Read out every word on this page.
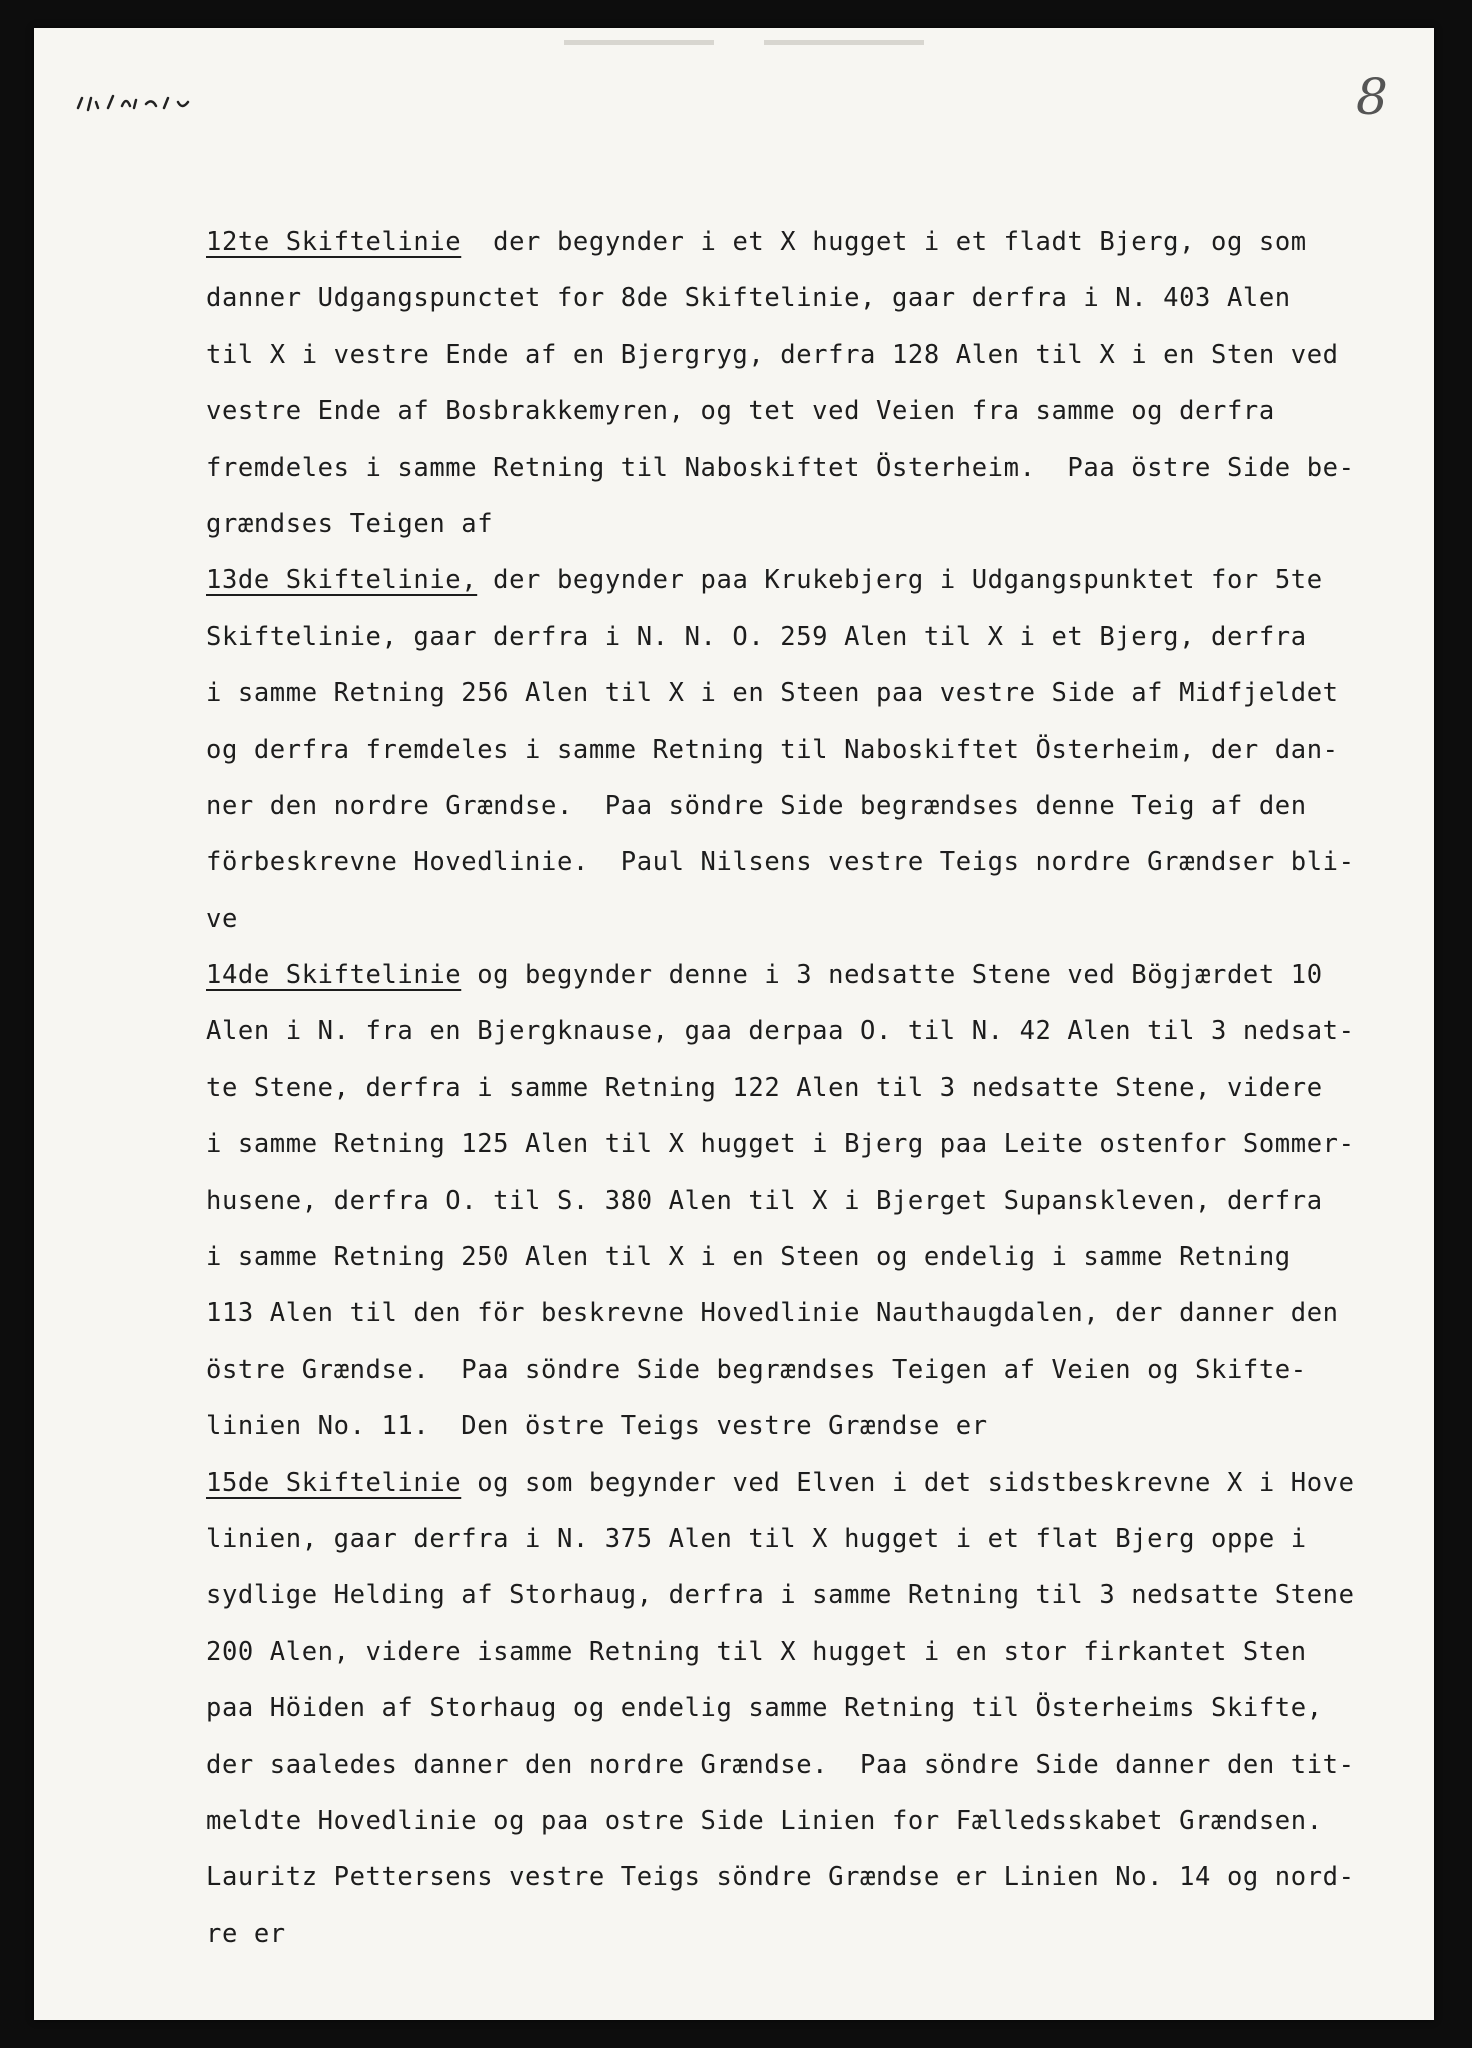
8
12te Skiftelinie  der begynder i et X hugget i et fladt Bjerg, og som
danner Udgangspunctet for 8de Skiftelinie, gaar derfra i N. 403 Alen
til X i vestre Ende af en Bjergryg, derfra 128 Alen til X i en Sten ved
vestre Ende af Bosbrakkemyren, og tet ved Veien fra samme og derfra
fremdeles i samme Retning til Naboskiftet Österheim.  Paa östre Side be-
grændses Teigen af
13de Skiftelinie, der begynder paa Krukebjerg i Udgangspunktet for 5te
Skiftelinie, gaar derfra i N. N. O. 259 Alen til X i et Bjerg, derfra
i samme Retning 256 Alen til X i en Steen paa vestre Side af Midfjeldet
og derfra fremdeles i samme Retning til Naboskiftet Österheim, der dan-
ner den nordre Grændse.  Paa söndre Side begrændses denne Teig af den
förbeskrevne Hovedlinie.  Paul Nilsens vestre Teigs nordre Grændser bli-
ve
14de Skiftelinie og begynder denne i 3 nedsatte Stene ved Bögjærdet 10
Alen i N. fra en Bjergknause, gaa derpaa O. til N. 42 Alen til 3 nedsat-
te Stene, derfra i samme Retning 122 Alen til 3 nedsatte Stene, videre
i samme Retning 125 Alen til X hugget i Bjerg paa Leite ostenfor Sommer-
husene, derfra O. til S. 380 Alen til X i Bjerget Supanskleven, derfra
i samme Retning 250 Alen til X i en Steen og endelig i samme Retning
113 Alen til den för beskrevne Hovedlinie Nauthaugdalen, der danner den
östre Grændse.  Paa söndre Side begrændses Teigen af Veien og Skifte-
linien No. 11.  Den östre Teigs vestre Grændse er
15de Skiftelinie og som begynder ved Elven i det sidstbeskrevne X i Hove
linien, gaar derfra i N. 375 Alen til X hugget i et flat Bjerg oppe i
sydlige Helding af Storhaug, derfra i samme Retning til 3 nedsatte Stene
200 Alen, videre isamme Retning til X hugget i en stor firkantet Sten
paa Höiden af Storhaug og endelig samme Retning til Österheims Skifte,
der saaledes danner den nordre Grændse.  Paa söndre Side danner den tit-
meldte Hovedlinie og paa ostre Side Linien for Fælledsskabet Grændsen.
Lauritz Pettersens vestre Teigs söndre Grændse er Linien No. 14 og nord-
re er
